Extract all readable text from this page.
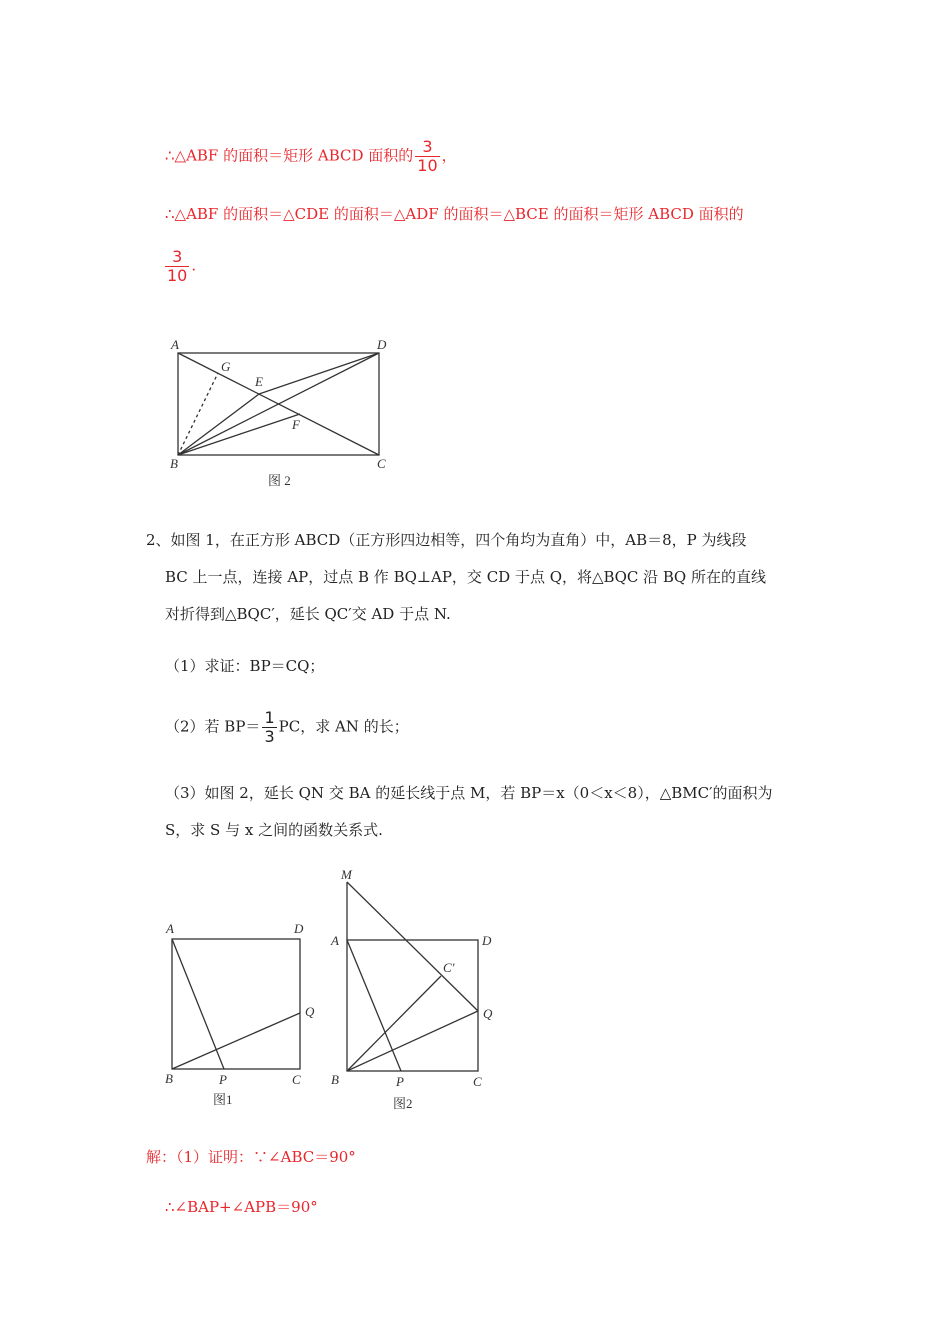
∴△ABF 的面积＝矩形 ABCD 面积的 $\frac{3}{10}$ ，
∴△ABF 的面积＝△CDE 的面积＝△ADF 的面积＝△BCE 的面积＝矩形 ABCD 面积的
$\frac{3}{10}$ .
A	D
G
E
F
B	C
图 2
2、如图 1，在正方形 ABCD（正方形四边相等，四个角均为直角）中，AB＝8，P 为线段
BC 上一点，连接 AP，过点 B 作 BQ⊥AP，交 CD 于点 Q，将△BQC 沿 BQ 所在的直线
对折得到△BQC′，延长 QC′交 AD 于点 N.
（1）求证：BP＝CQ；
（2）若 $BP= \frac{1}{3}$ PC，求 AN 的长；
（3）如图 2，延长 QN 交 BA 的延长线于点 M，若 BP＝x（0＜x＜8），△BMC′的面积为
S，求 S 与 x 之间的函数关系式.
A	D
Q
B	P	C
图1
M
A	D
C′
Q
B	P	C
图2
解：（1）证明：∵∠ABC＝90°
∴∠BAP+∠APB＝90°
